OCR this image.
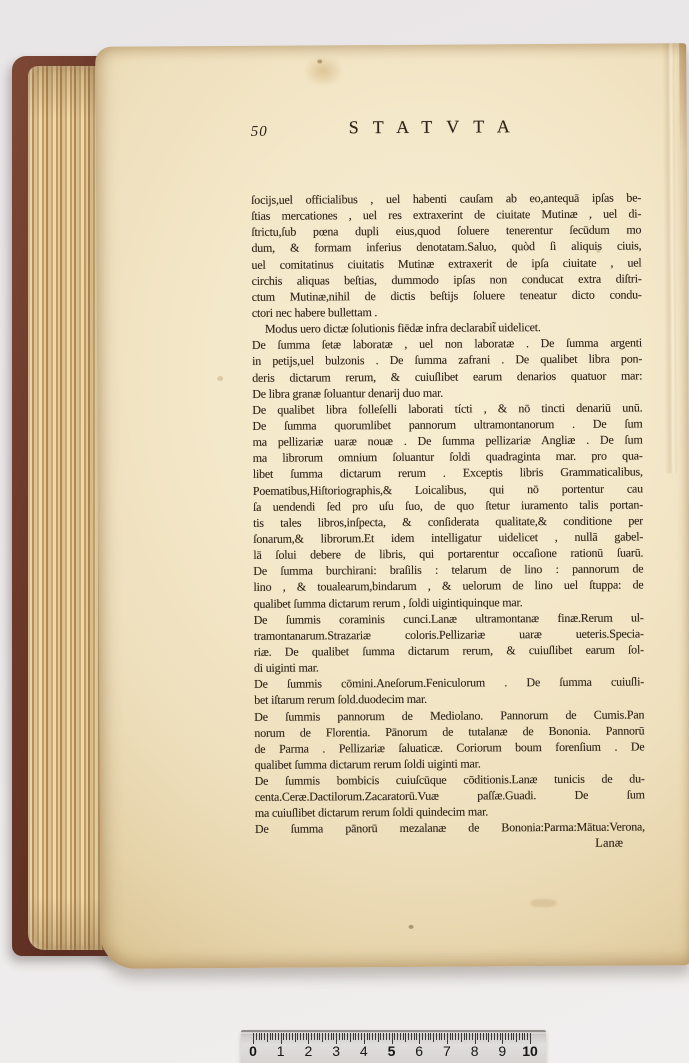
50	STATVTA
ſocijs,uel officialibus , uel habenti cauſam ab eo,antequā ipſas be-
ſtias mercationes , uel res extraxerint de ciuitate Mutinæ , uel di-
ſtrictu,ſub pœna dupli eius,quod ſoluere tenerentur ſecūdum mo
dum, & formam inferius denotatam.Saluo, quòd ſi aliquis ciuis,
uel comitatinus ciuitatis Mutinæ extraxerit de ipſa ciuitate , uel
circhis aliquas beſtias, dummodo ipſas non conducat extra diſtri-
ctum Mutinæ,nihil de dictis beſtijs ſoluere teneatur dicto condu-
ctori nec habere bullettam .
Modus uero dictæ ſolutionis fiēdæ infra declarabit̃ uidelicet.
De ſumma ſetæ laboratæ , uel non laboratæ . De ſumma argenti
in petijs,uel bulzonis . De ſumma zafrani . De qualibet libra pon-
deris dictarum rerum, & cuiuſlibet earum denarios quatuor mar:
De libra granæ ſoluantur denarij duo mar.
De qualibet libra folleſelli laborati tícti , & nō tincti denariū unū.
De ſumma quorumlibet pannorum ultramontanorum . De ſum
ma pellizariæ uaræ nouæ . De ſumma pellizariæ Angliæ . De ſum
ma librorum omnium ſoluantur ſoldi quadraginta mar. pro qua-
libet ſumma dictarum rerum . Exceptis libris Grammaticalibus,
Poematibus,Hiſtoriographis,& Loicalibus, qui nō portentur cau
ſa uendendi ſed pro uſu ſuo, de quo ſtetur iuramento talis portan-
tis tales libros,inſpecta, & conſiderata qualitate,& conditione per
ſonarum,& librorum.Et idem intelligatur uidelicet , nullā gabel-
lā ſolui debere de libris, qui portarentur occaſione rationū ſuarū.
De ſumma burchirani: braſilis : telarum de lino : pannorum de
lino , & toualearum,bindarum , & uelorum de lino uel ſtuppa: de
qualibet ſumma dictarum rerum , ſoldi uigintiquinque mar.
De ſummis coraminis cunci.Lanæ ultramontanæ finæ.Rerum ul-
tramontanarum.Strazariæ coloris.Pellizariæ uaræ ueteris.Specia-
riæ. De qualibet ſumma dictarum rerum, & cuiuſlibet earum ſol-
di uiginti mar.
De ſummis cōmini.Aneſorum.Feniculorum . De ſumma cuiuſli-
bet iſtarum rerum ſold.duodecim mar.
De ſummis pannorum de Mediolano. Pannorum de Cumis.Pan
norum de Florentia. Pānorum de tutalanæ de Bononia. Pannorū
de Parma . Pellizariæ ſaluaticæ. Coriorum boum forenſium . De
qualibet ſumma dictarum rerum ſoldi uiginti mar.
De ſummis bombicis cuiuſcūque cōditionis.Lanæ tunicis de du-
centa.Ceræ.Dactilorum.Zacaratorū.Vuæ paſſæ.Guadi. De ſum
ma cuiuſlibet dictarum rerum ſoldi quindecim mar.
De ſumma pānorū mezalanæ de Bononia:Parma:Mātua:Verona,
Lanæ
0 1 2 3 4 5 6 7 8 9 10
